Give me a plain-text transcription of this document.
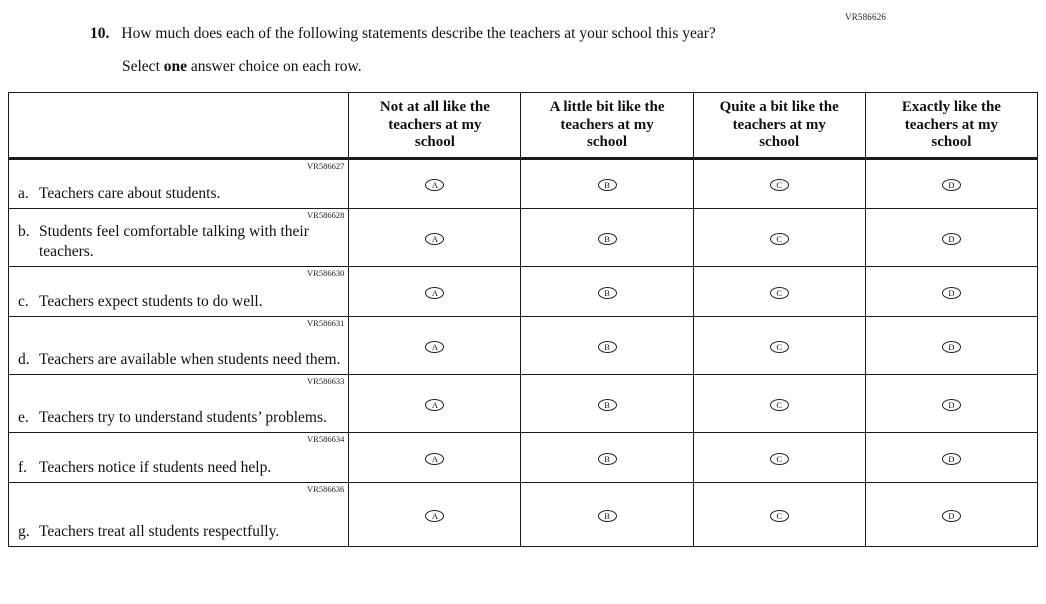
VR586626
10. How much does each of the following statements describe the teachers at your school this year?
Select one answer choice on each row.
	Not at all like the teachers at my school	A little bit like the teachers at my school	Quite a bit like the teachers at my school	Exactly like the teachers at my school

VR586627
a. Teachers care about students.	A	B	C	D

VR586628
b. Students feel comfortable talking with their teachers.	A	B	C	D

VR586630
c. Teachers expect students to do well.	A	B	C	D

VR586631
d. Teachers are available when students need them.	A	B	C	D

VR586633
e. Teachers try to understand students’ problems.	A	B	C	D

VR586634
f. Teachers notice if students need help.	A	B	C	D

VR586636
g. Teachers treat all students respectfully.	A	B	C	D
